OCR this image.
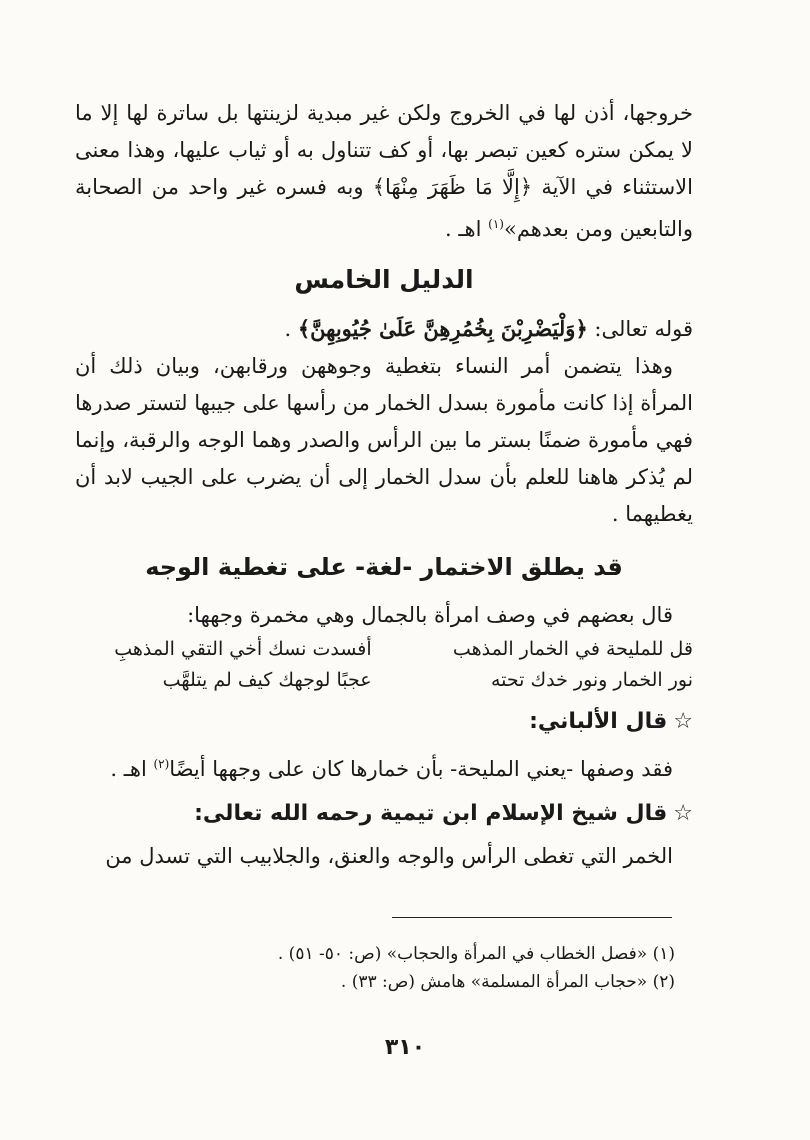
خروجها، أذن لها في الخروج ولكن غير مبدية لزينتها بل ساترة لها إلا ما لا يمكن ستره كعين تبصر بها، أو كف تتناول به أو ثياب عليها، وهذا معنى الاستثناء في الآية ﴿إِلَّا مَا ظَهَرَ مِنْهَا﴾ وبه فسره غير واحد من الصحابة والتابعين ومن بعدهم»$^{(١)}$ اهـ .

الدليل الخامس

قوله تعالى: ﴿وَلْيَضْرِبْنَ بِخُمُرِهِنَّ عَلَىٰ جُيُوبِهِنَّ﴾ .

وهذا يتضمن أمر النساء بتغطية وجوههن ورقابهن، وبيان ذلك أن المرأة إذا كانت مأمورة بسدل الخمار من رأسها على جيبها لتستر صدرها فهي مأمورة ضمنًا بستر ما بين الرأس والصدر وهما الوجه والرقبة، وإنما لم يُذكر هاهنا للعلم بأن سدل الخمار إلى أن يضرب على الجيب لابد أن يغطيهما .

قد يطلق الاختمار -لغة- على تغطية الوجه

قال بعضهم في وصف امرأة بالجمال وهي مخمرة وجهها:

قل للمليحة في الخمار المذهب
أفسدت نسك أخي التقي المذهبِ
نور الخمار ونور خدك تحته
عجبًا لوجهك كيف لم يتلهَّب
☆قال الألباني:

فقد وصفها -يعني المليحة- بأن خمارها كان على وجهها أيضًا$^{(٢)}$ اهـ .

☆قال شيخ الإسلام ابن تيمية رحمه الله تعالى:

الخمر التي تغطى الرأس والوجه والعنق، والجلابيب التي تسدل من

(١) «فصل الخطاب في المرأة والحجاب» (ص: ٥٠- ٥١) .

(٢) «حجاب المرأة المسلمة» هامش (ص: ٣٣) .

٣١٠
